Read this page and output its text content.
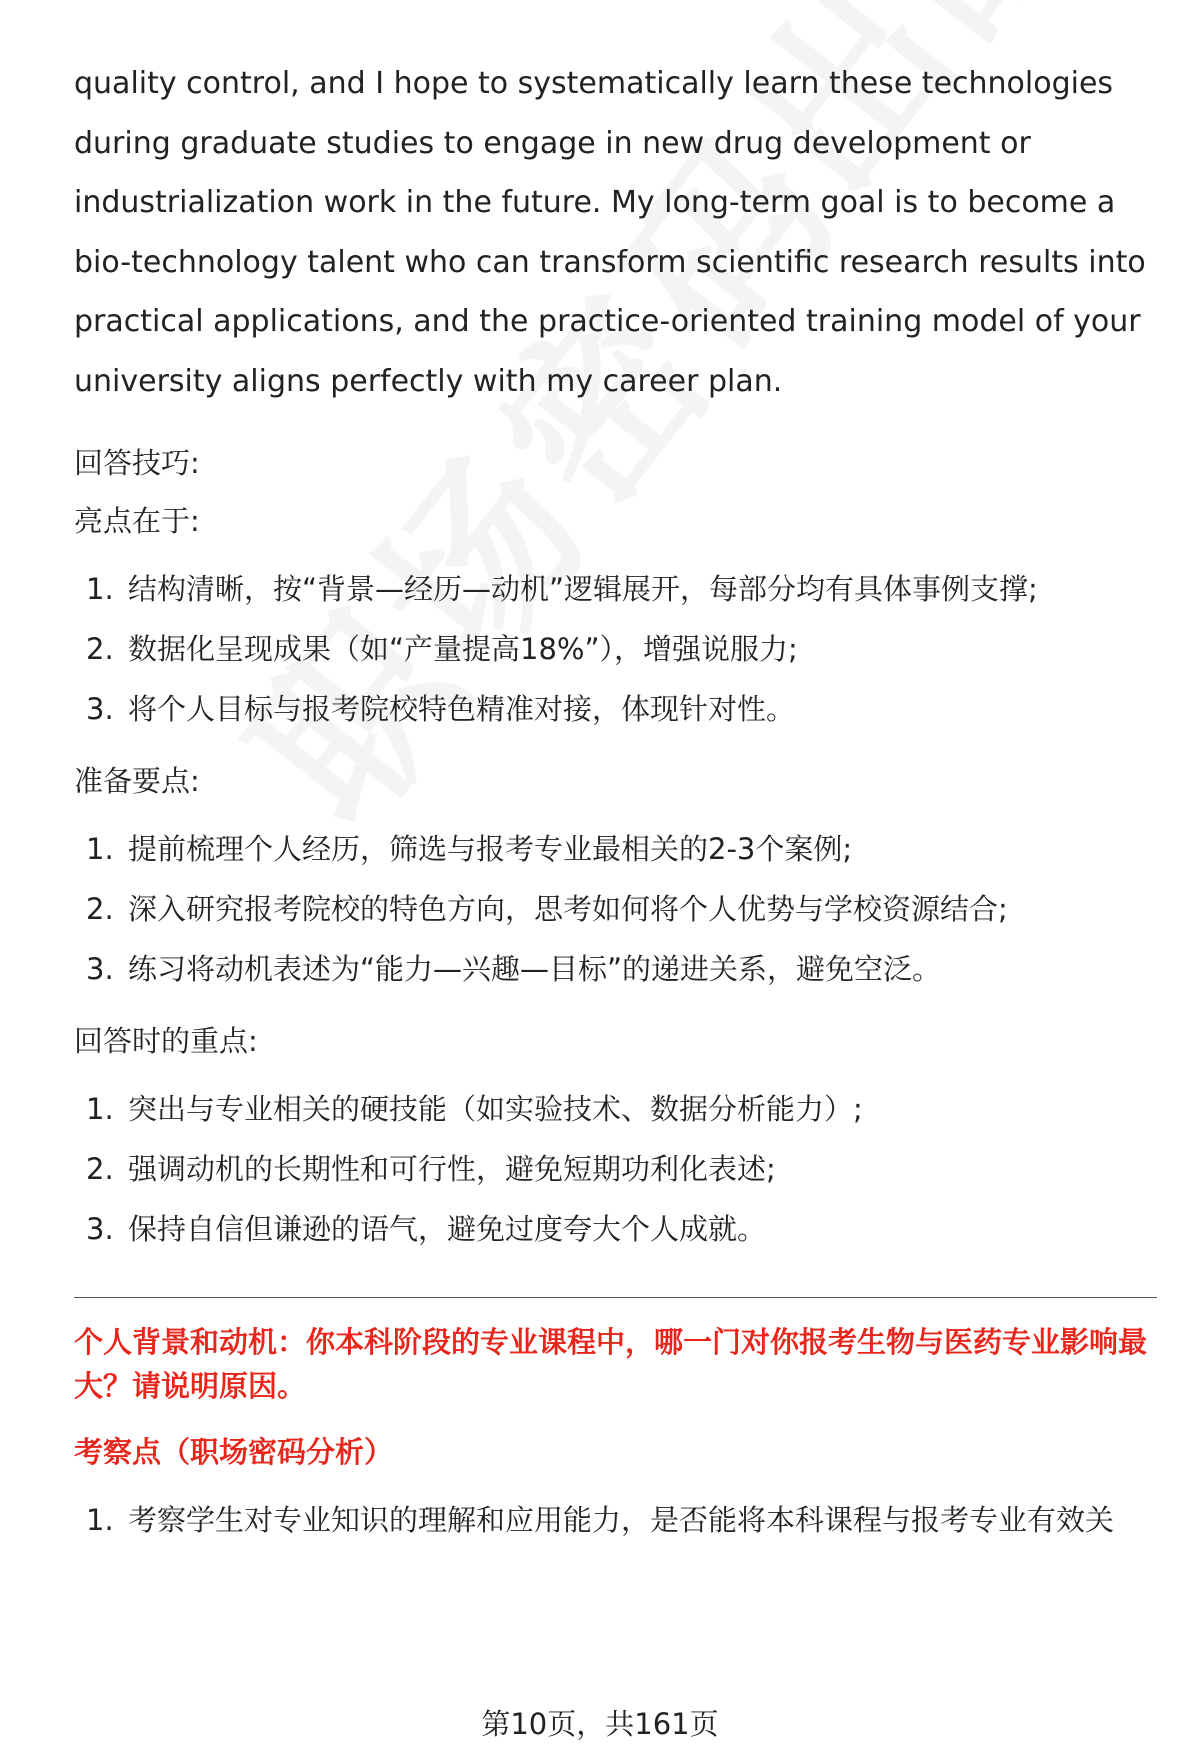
quality control, and I hope to systematically learn these technologies during graduate studies to engage in new drug development or industrialization work in the future. My long-term goal is to become a bio-technology talent who can transform scientific research results into practical applications, and the practice-oriented training model of your university aligns perfectly with my career plan.

回答技巧:

亮点在于:

1. 结构清晰，按“背景—经历—动机”逻辑展开，每部分均有具体事例支撑;
2. 数据化呈现成果（如“产量提高18%”），增强说服力;
3. 将个人目标与报考院校特色精准对接，体现针对性。

准备要点:

1. 提前梳理个人经历，筛选与报考专业最相关的2-3个案例;
2. 深入研究报考院校的特色方向，思考如何将个人优势与学校资源结合;
3. 练习将动机表述为“能力—兴趣—目标”的递进关系，避免空泛。

回答时的重点:

1. 突出与专业相关的硬技能（如实验技术、数据分析能力）;
2. 强调动机的长期性和可行性，避免短期功利化表述;
3. 保持自信但谦逊的语气，避免过度夸大个人成就。

个人背景和动机：你本科阶段的专业课程中，哪一门对你报考生物与医药专业影响最大？请说明原因。

考察点（职场密码分析）

1. 考察学生对专业知识的理解和应用能力，是否能将本科课程与报考专业有效关
第10页，共161页
